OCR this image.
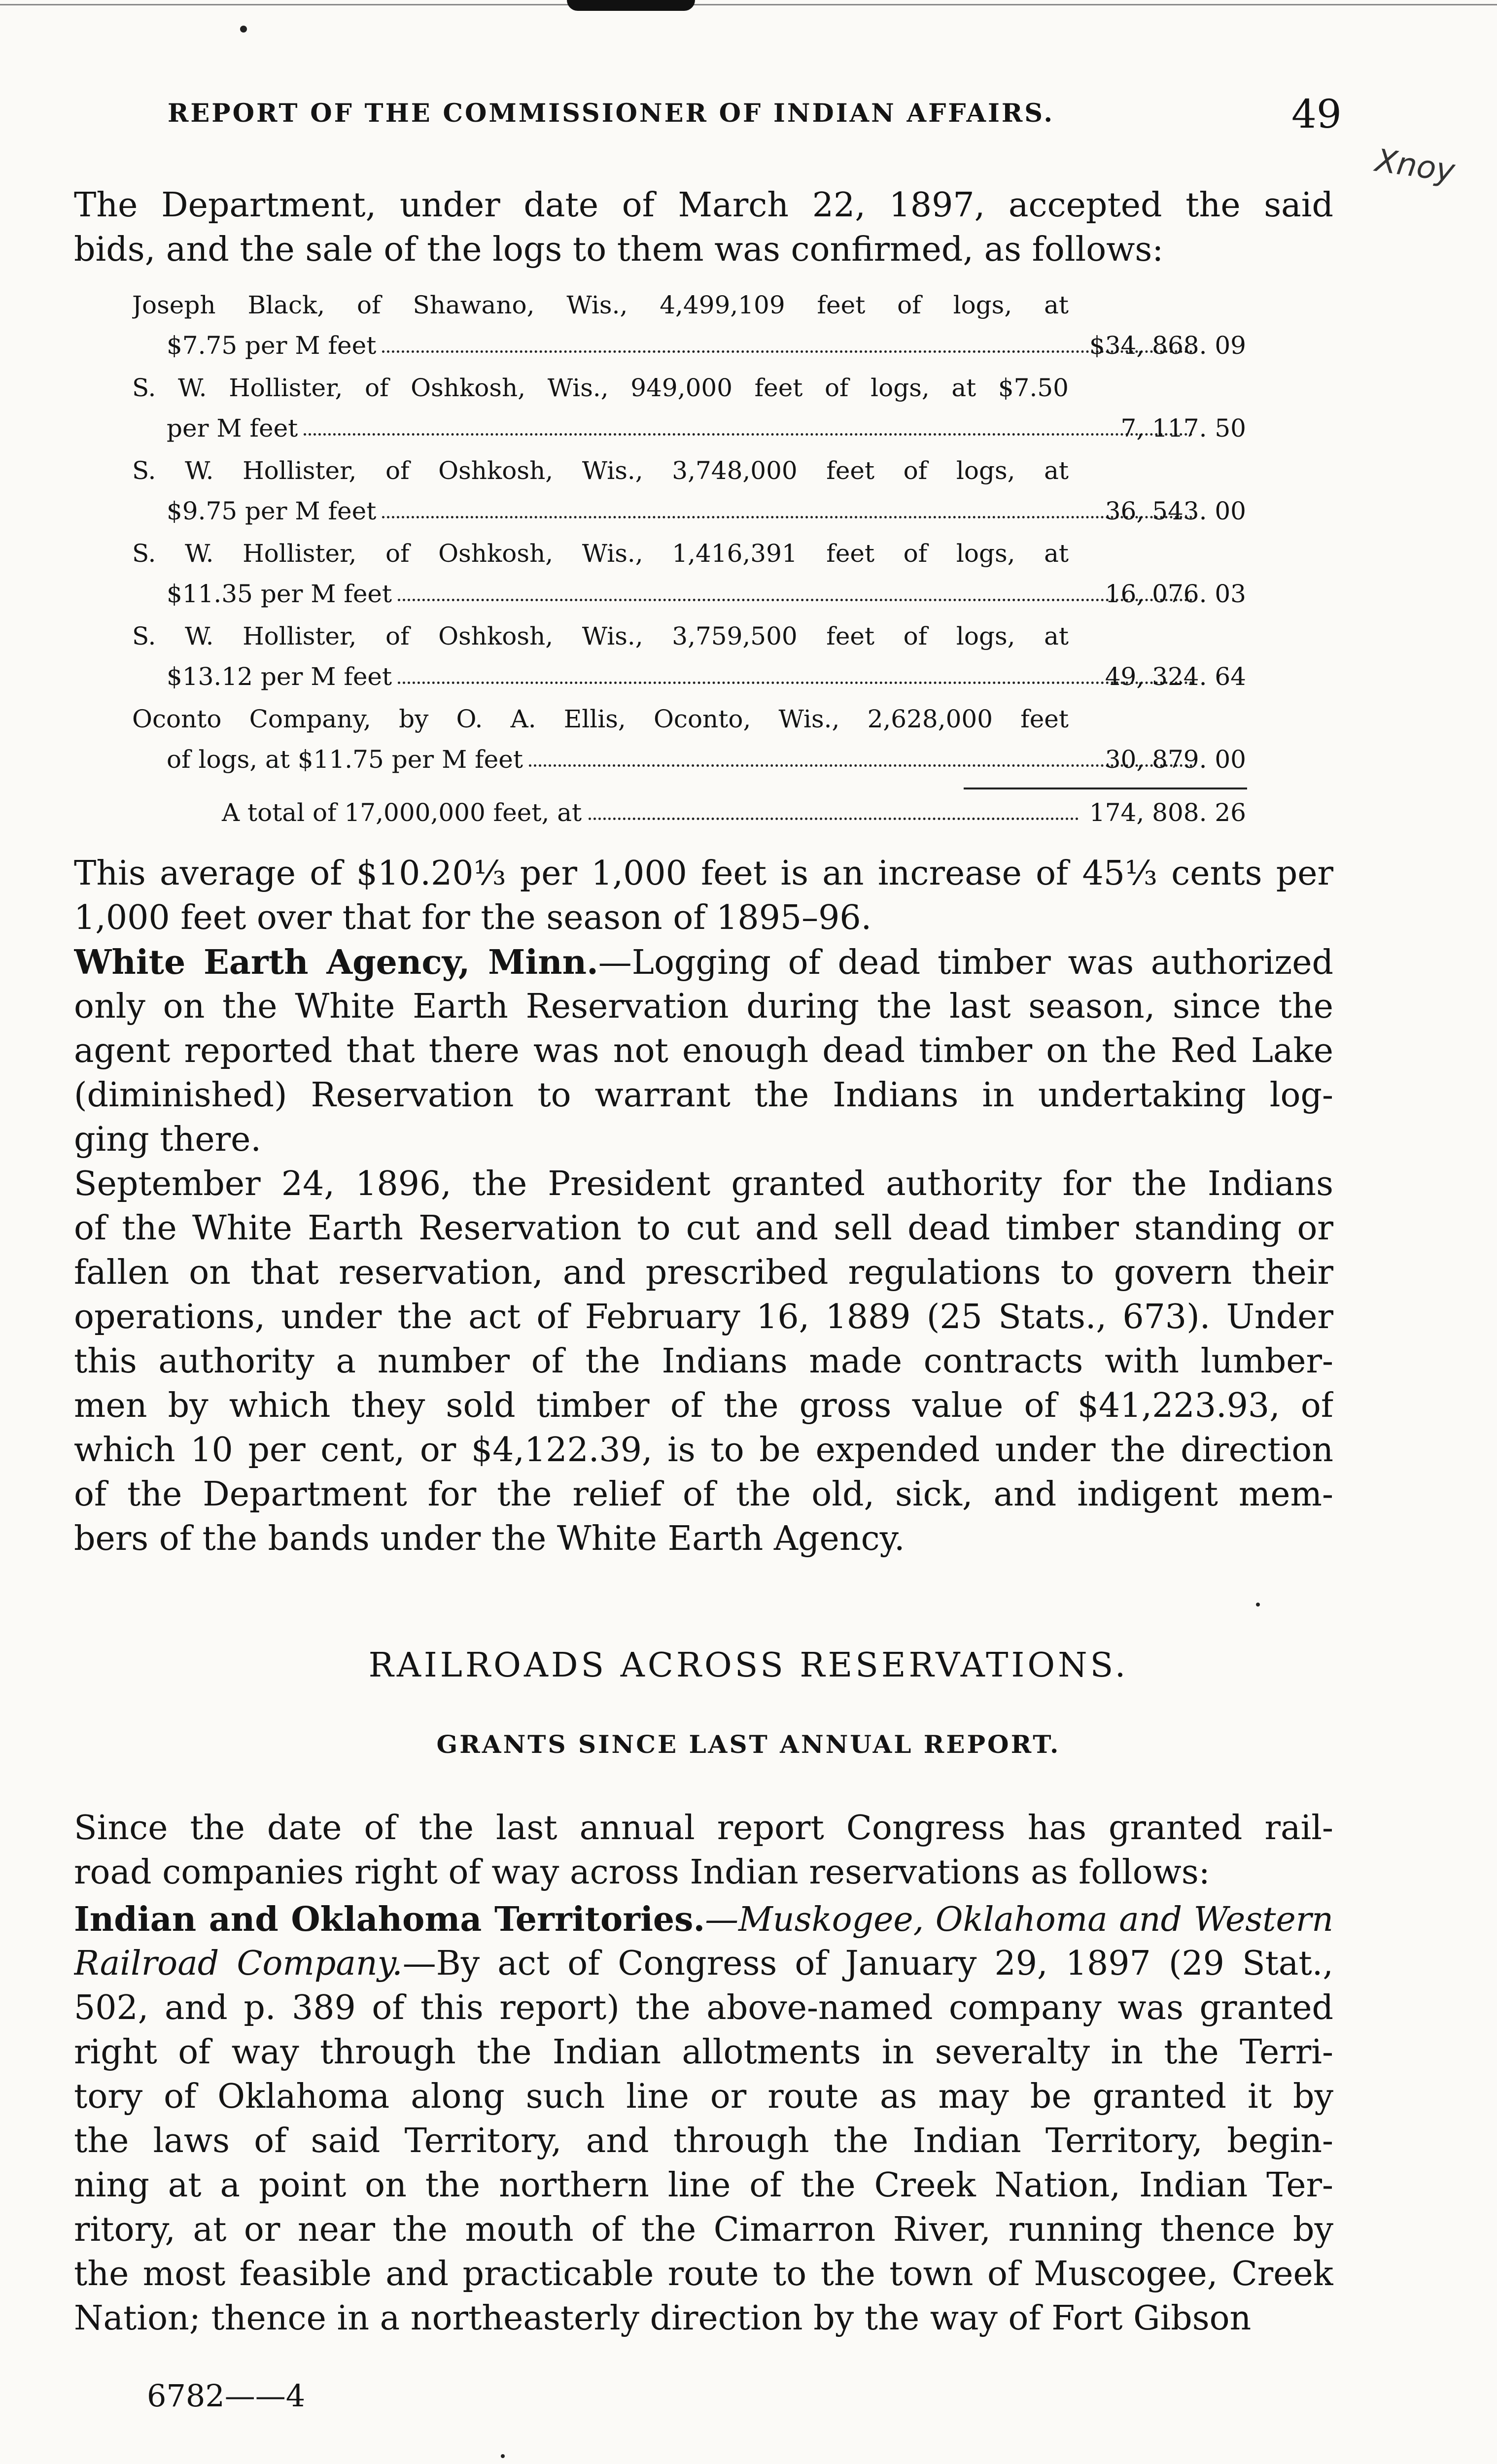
REPORT OF THE COMMISSIONER OF INDIAN AFFAIRS.	49
Xnoy
The Department, under date of March 22, 1897, accepted the said
bids, and the sale of the logs to them was confirmed, as follows:
Joseph Black, of Shawano, Wis., 4,499,109 feet of logs, at
$7.75 per M feet	$34, 868. 09
S. W. Hollister, of Oshkosh, Wis., 949,000 feet of logs, at $7.50
per M feet	7, 117. 50
S. W. Hollister, of Oshkosh, Wis., 3,748,000 feet of logs, at
$9.75 per M feet	36, 543. 00
S. W. Hollister, of Oshkosh, Wis., 1,416,391 feet of logs, at
$11.35 per M feet	16, 076. 03
S. W. Hollister, of Oshkosh, Wis., 3,759,500 feet of logs, at
$13.12 per M feet	49, 324. 64
Oconto Company, by O. A. Ellis, Oconto, Wis., 2,628,000 feet
of logs, at $11.75 per M feet	30, 879. 00
A total of 17,000,000 feet, at	174, 808. 26
This average of $10.20⅓ per 1,000 feet is an increase of 45⅓ cents per
1,000 feet over that for the season of 1895–96.
White Earth Agency, Minn.—Logging of dead timber was authorized
only on the White Earth Reservation during the last season, since the
agent reported that there was not enough dead timber on the Red Lake
(diminished) Reservation to warrant the Indians in undertaking log-
ging there.
September 24, 1896, the President granted authority for the Indians
of the White Earth Reservation to cut and sell dead timber standing or
fallen on that reservation, and prescribed regulations to govern their
operations, under the act of February 16, 1889 (25 Stats., 673). Under
this authority a number of the Indians made contracts with lumber-
men by which they sold timber of the gross value of $41,223.93, of
which 10 per cent, or $4,122.39, is to be expended under the direction
of the Department for the relief of the old, sick, and indigent mem-
bers of the bands under the White Earth Agency.
RAILROADS ACROSS RESERVATIONS.
GRANTS SINCE LAST ANNUAL REPORT.
Since the date of the last annual report Congress has granted rail-
road companies right of way across Indian reservations as follows:
Indian and Oklahoma Territories.—Muskogee, Oklahoma and Western
Railroad Company.—By act of Congress of January 29, 1897 (29 Stat.,
502, and p. 389 of this report) the above-named company was granted
right of way through the Indian allotments in severalty in the Terri-
tory of Oklahoma along such line or route as may be granted it by
the laws of said Territory, and through the Indian Territory, begin-
ning at a point on the northern line of the Creek Nation, Indian Ter-
ritory, at or near the mouth of the Cimarron River, running thence by
the most feasible and practicable route to the town of Muscogee, Creek
Nation; thence in a northeasterly direction by the way of Fort Gibson
6782——4
